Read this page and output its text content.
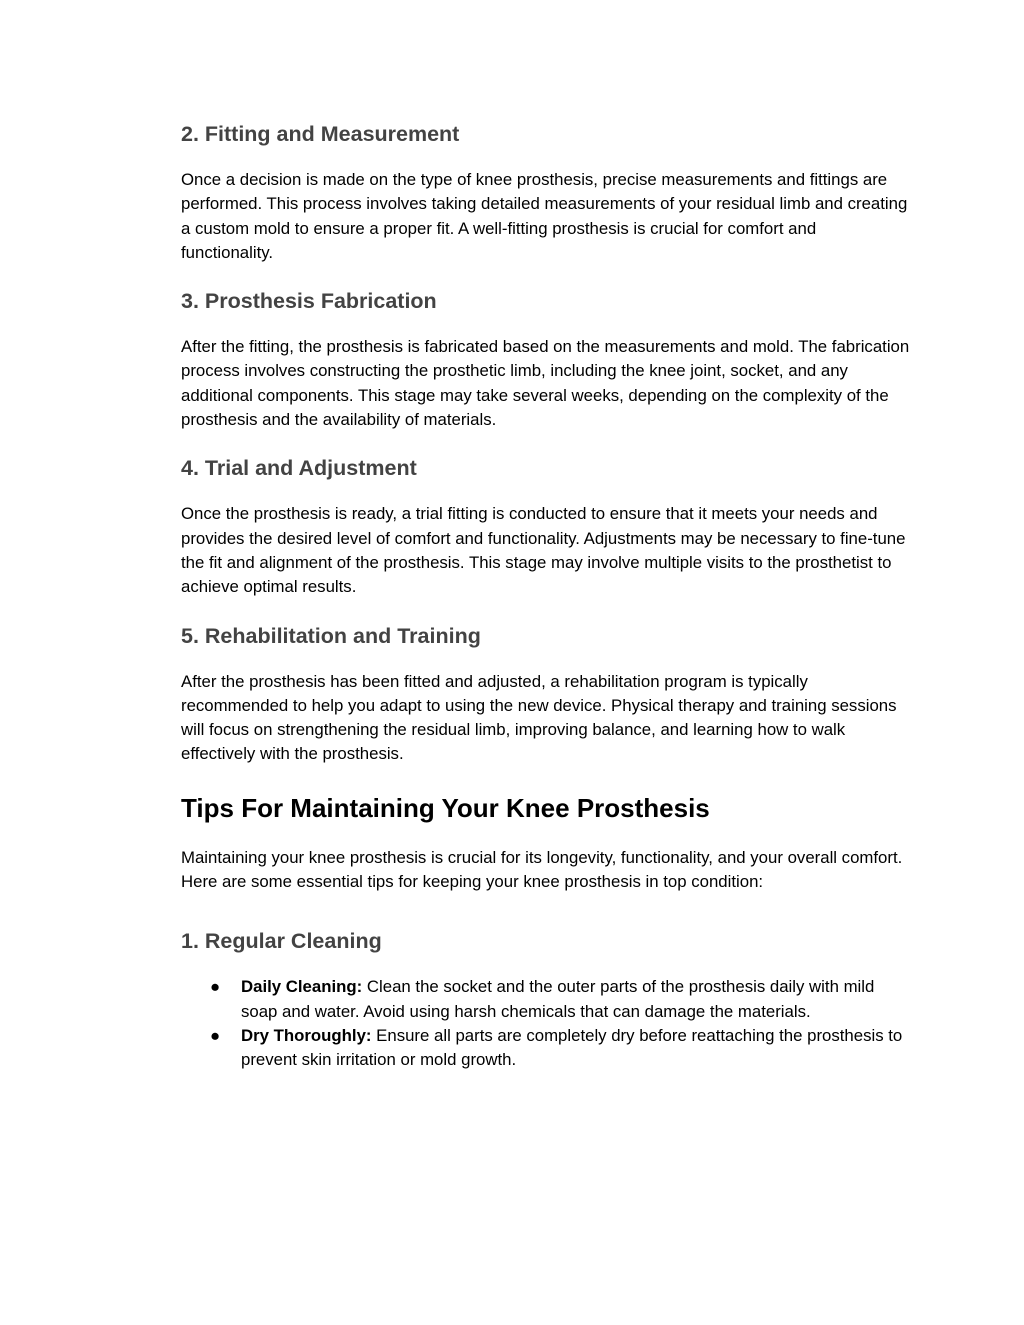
2. Fitting and Measurement

Once a decision is made on the type of knee prosthesis, precise measurements and fittings are performed. This process involves taking detailed measurements of your residual limb and creating a custom mold to ensure a proper fit. A well-fitting prosthesis is crucial for comfort and functionality.

3. Prosthesis Fabrication

After the fitting, the prosthesis is fabricated based on the measurements and mold. The fabrication process involves constructing the prosthetic limb, including the knee joint, socket, and any additional components. This stage may take several weeks, depending on the complexity of the prosthesis and the availability of materials.

4. Trial and Adjustment

Once the prosthesis is ready, a trial fitting is conducted to ensure that it meets your needs and provides the desired level of comfort and functionality. Adjustments may be necessary to fine-tune the fit and alignment of the prosthesis. This stage may involve multiple visits to the prosthetist to achieve optimal results.

5. Rehabilitation and Training

After the prosthesis has been fitted and adjusted, a rehabilitation program is typically recommended to help you adapt to using the new device. Physical therapy and training sessions will focus on strengthening the residual limb, improving balance, and learning how to walk effectively with the prosthesis.

Tips For Maintaining Your Knee Prosthesis

Maintaining your knee prosthesis is crucial for its longevity, functionality, and your overall comfort. Here are some essential tips for keeping your knee prosthesis in top condition:

1. Regular Cleaning
● Daily Cleaning: Clean the socket and the outer parts of the prosthesis daily with mild soap and water. Avoid using harsh chemicals that can damage the materials.
● Dry Thoroughly: Ensure all parts are completely dry before reattaching the prosthesis to prevent skin irritation or mold growth.
